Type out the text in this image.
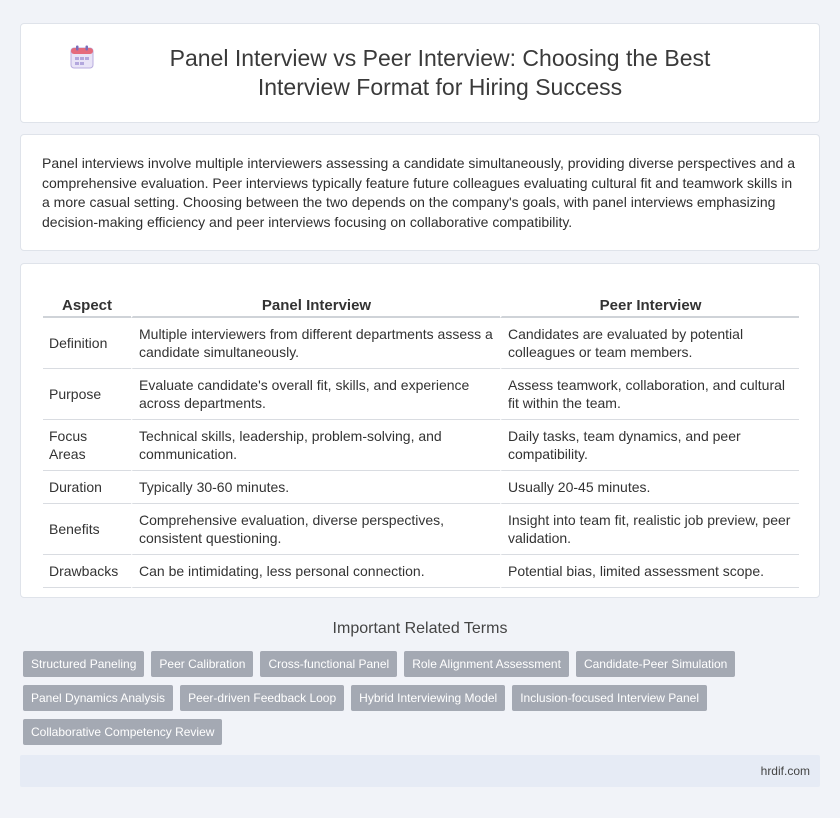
Panel Interview vs Peer Interview: Choosing the Best Interview Format for Hiring Success

Panel interviews involve multiple interviewers assessing a candidate simultaneously, providing diverse perspectives and a comprehensive evaluation. Peer interviews typically feature future colleagues evaluating cultural fit and teamwork skills in a more casual setting. Choosing between the two depends on the company's goals, with panel interviews emphasizing decision-making efficiency and peer interviews focusing on collaborative compatibility.

Aspect	Panel Interview	Peer Interview
Definition	Multiple interviewers from different departments assess a candidate simultaneously.	Candidates are evaluated by potential colleagues or team members.
Purpose	Evaluate candidate's overall fit, skills, and experience across departments.	Assess teamwork, collaboration, and cultural fit within the team.
Focus Areas	Technical skills, leadership, problem-solving, and communication.	Daily tasks, team dynamics, and peer compatibility.
Duration	Typically 30-60 minutes.	Usually 20-45 minutes.
Benefits	Comprehensive evaluation, diverse perspectives, consistent questioning.	Insight into team fit, realistic job preview, peer validation.
Drawbacks	Can be intimidating, less personal connection.	Potential bias, limited assessment scope.
Important Related Terms
Structured Paneling	Peer Calibration	Cross-functional Panel	Role Alignment Assessment	Candidate-Peer Simulation
Panel Dynamics Analysis	Peer-driven Feedback Loop	Hybrid Interviewing Model	Inclusion-focused Interview Panel
Collaborative Competency Review
hrdif.com
